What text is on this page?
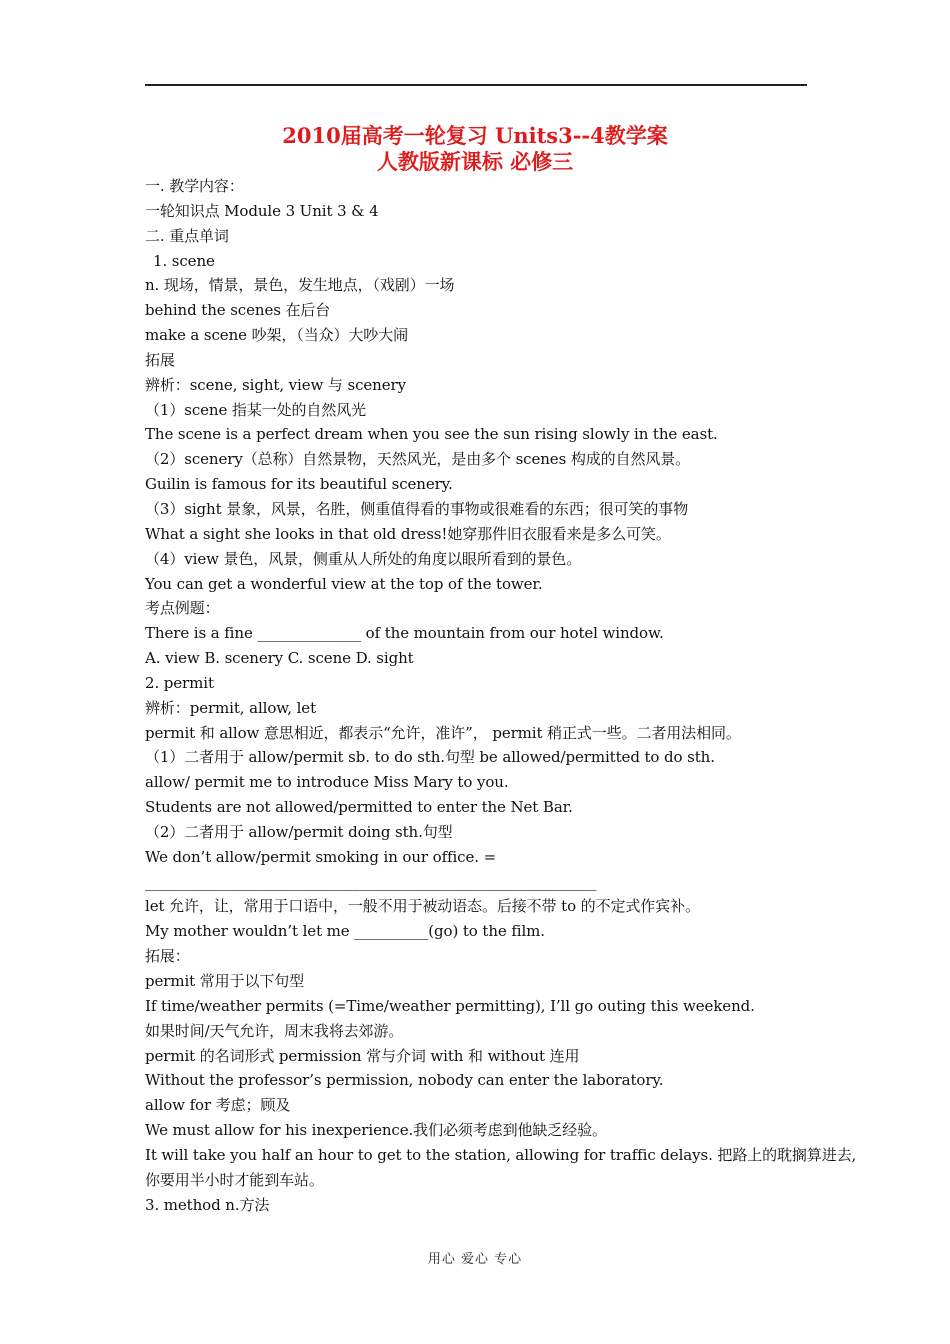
2010届高考一轮复习 Units3--4教学案
人教版新课标 必修三
一. 教学内容：
一轮知识点 Module 3 Unit 3 & 4
二. 重点单词
1. scene
n. 现场，情景，景色，发生地点，（戏剧）一场
behind the scenes 在后台
make a scene 吵架，（当众）大吵大闹
拓展
辨析：scene, sight, view 与 scenery
（1）scene 指某一处的自然风光
The scene is a perfect dream when you see the sun rising slowly in the east.
（2）scenery（总称）自然景物，天然风光，是由多个 scenes 构成的自然风景。
Guilin is famous for its beautiful scenery.
（3）sight 景象，风景，名胜，侧重值得看的事物或很难看的东西；很可笑的事物
What a sight she looks in that old dress!她穿那件旧衣服看来是多么可笑。
（4）view 景色，风景，侧重从人所处的角度以眼所看到的景色。
You can get a wonderful view at the top of the tower.
考点例题：
There is a fine ______________ of the mountain from our hotel window.
A. view B. scenery C. scene D. sight
2. permit
辨析：permit, allow, let
permit 和 allow 意思相近，都表示“允许，准许”， permit 稍正式一些。二者用法相同。
（1）二者用于 allow/permit sb. to do sth.句型 be allowed/permitted to do sth.
allow/ permit me to introduce Miss Mary to you.
Students are not allowed/permitted to enter the Net Bar.
（2）二者用于 allow/permit doing sth.句型
We don’t allow/permit smoking in our office. =
_____________________________________________________________
let 允许，让，常用于口语中，一般不用于被动语态。后接不带 to 的不定式作宾补。
My mother wouldn’t let me __________(go) to the film.
拓展：
permit 常用于以下句型
If time/weather permits (=Time/weather permitting), I’ll go outing this weekend.
如果时间/天气允许，周末我将去郊游。
permit 的名词形式 permission 常与介词 with 和 without 连用
Without the professor’s permission, nobody can enter the laboratory.
allow for 考虑；顾及
We must allow for his inexperience.我们必须考虑到他缺乏经验。
It will take you half an hour to get to the station, allowing for traffic delays. 把路上的耽搁算进去,
你要用半小时才能到车站。
3. method n.方法
用心 爱心 专心
